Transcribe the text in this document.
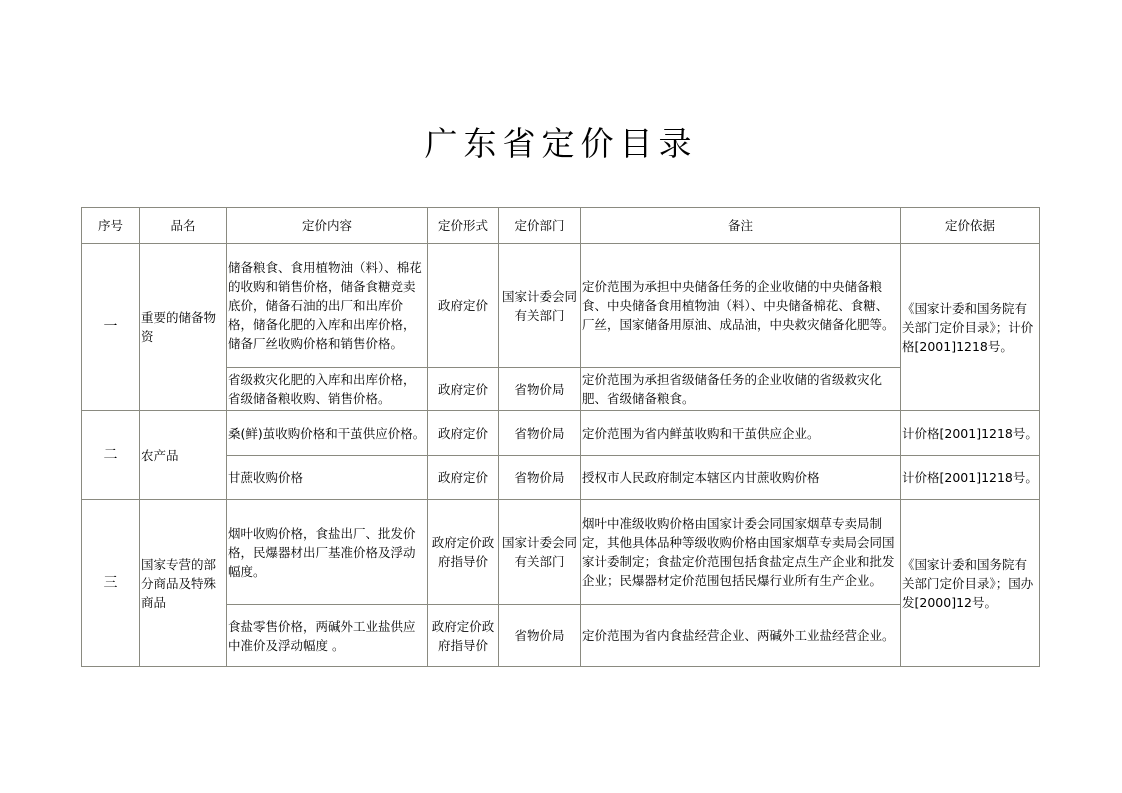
广东省定价目录
序号	品名	定价内容	定价形式	定价部门	备注	定价依据
一	重要的储备物资	储备粮食、食用植物油（料）、棉花的收购和销售价格，储备食糖竞卖底价，储备石油的出厂和出库价格，储备化肥的入库和出库价格，储备厂丝收购价格和销售价格。	政府定价	国家计委会同有关部门	定价范围为承担中央储备任务的企业收储的中央储备粮食、中央储备食用植物油（料）、中央储备棉花、食糖、厂丝，国家储备用原油、成品油，中央救灾储备化肥等。	《国家计委和国务院有关部门定价目录》；计价格[2001]1218号。
		省级救灾化肥的入库和出库价格，省级储备粮收购、销售价格。	政府定价	省物价局	定价范围为承担省级储备任务的企业收储的省级救灾化肥、省级储备粮食。	
二	农产品	桑(鲜)茧收购价格和干茧供应价格。	政府定价	省物价局	定价范围为省内鲜茧收购和干茧供应企业。	计价格[2001]1218号。
		甘蔗收购价格	政府定价	省物价局	授权市人民政府制定本辖区内甘蔗收购价格	计价格[2001]1218号。
三	国家专营的部分商品及特殊商品	烟叶收购价格，食盐出厂、批发价格，民爆器材出厂基准价格及浮动幅度。	政府定价政府指导价	国家计委会同有关部门	烟叶中准级收购价格由国家计委会同国家烟草专卖局制定，其他具体品种等级收购价格由国家烟草专卖局会同国家计委制定；食盐定价范围包括食盐定点生产企业和批发企业；民爆器材定价范围包括民爆行业所有生产企业。	《国家计委和国务院有关部门定价目录》；国办发[2000]12号。
		食盐零售价格，两碱外工业盐供应中准价及浮动幅度 。	政府定价政府指导价	省物价局	定价范围为省内食盐经营企业、两碱外工业盐经营企业。	
